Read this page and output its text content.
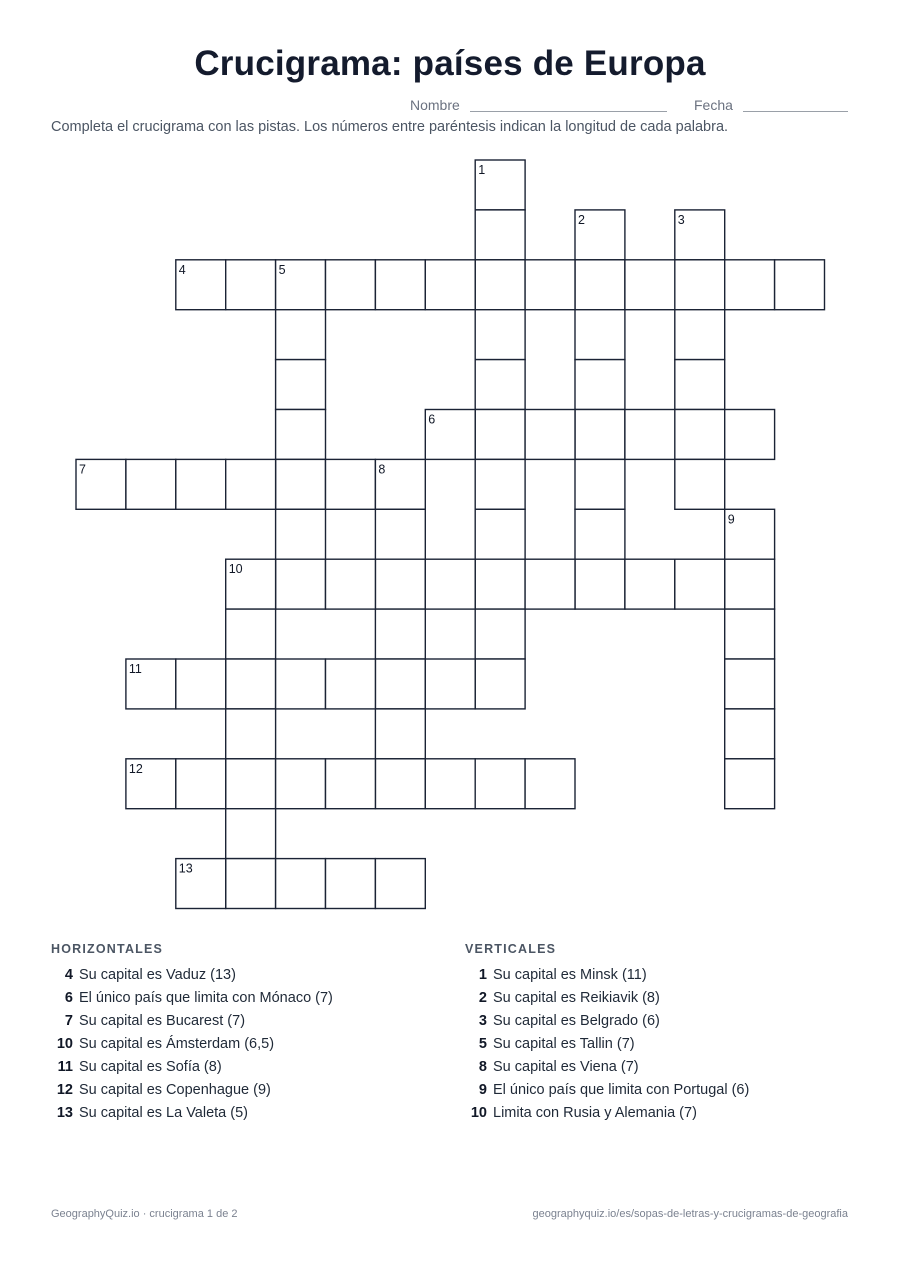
Crucigrama: países de Europa
Nombre	Fecha
Completa el crucigrama con las pistas. Los números entre paréntesis indican la longitud de cada palabra.
1
2	3
4	5
6
7	8
9
10
11
12
13
HORIZONTALES
4 Su capital es Vaduz (13)
6 El único país que limita con Mónaco (7)
7 Su capital es Bucarest (7)
10 Su capital es Ámsterdam (6,5)
11 Su capital es Sofía (8)
12 Su capital es Copenhague (9)
13 Su capital es La Valeta (5)
VERTICALES
1 Su capital es Minsk (11)
2 Su capital es Reikiavik (8)
3 Su capital es Belgrado (6)
5 Su capital es Tallin (7)
8 Su capital es Viena (7)
9 El único país que limita con Portugal (6)
10 Limita con Rusia y Alemania (7)
GeographyQuiz.io · crucigrama 1 de 2	geographyquiz.io/es/sopas-de-letras-y-crucigramas-de-geografia
